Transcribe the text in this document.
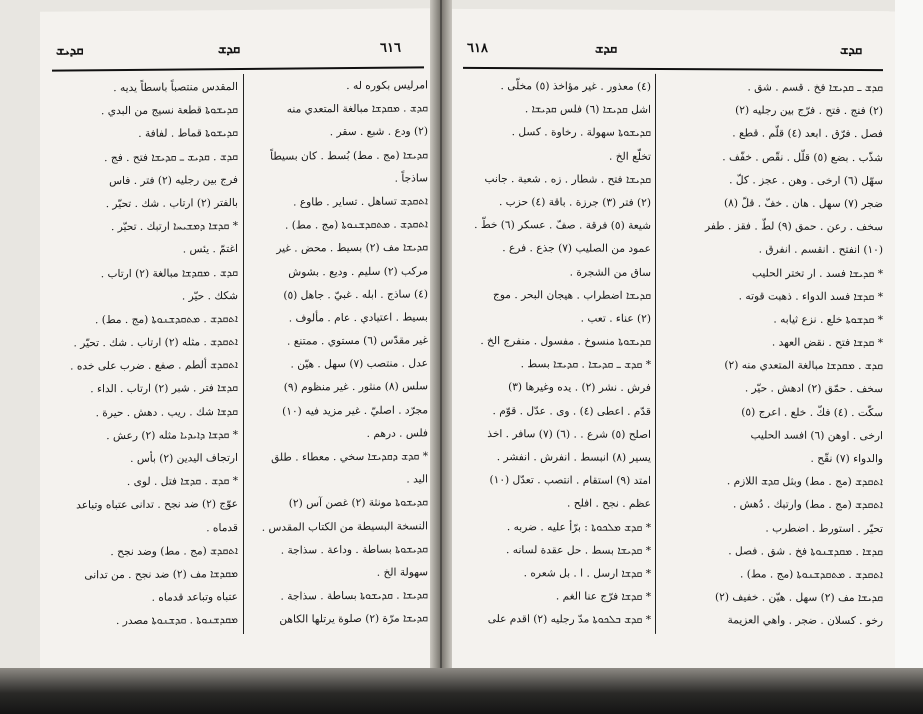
ܩܕܝܫ	ܩܕܫ	٦١٦
المقدس منتصباً باسطاً يديه .
ܩܕܝܫܘܬܐ قطعة نسيج من البدي .
ܩܕܝܫܘܬܐ قماط . لفافة .
ܩܕܫ . ܩܕܝܫ ـ ܩܕܝܫܐ فتح . فج .
فرج بين رجليه (٢) فتر . فاس
بالفتر (٢) ارتاب . شك . تحيّر .
* ܩܕܫܐ ܕܡܫܝܚܐ ارتبك . تحيّر .
اغتمّ . يئس .
ܩܕܫ . ܡܩܕܫܐ مبالغة (٢) ارتاب .
شكك . حيّر .
ܐܬܩܕܫ . ܡܬܩܕܫܢܘܬܐ (مج . مط) .
ܐܬܩܕܫ . مثله (٢) ارتاب . شك . تحيّر .
ܐܬܩܕܫ ألطم . صفع . ضرب على خده .
ܩܕܫܐ فتر . شبر (٢) ارتاب . الداء .
ܩܕܫܐ شك . ريب . دهش . حيرة .
* ܩܕܫܐ ܕܐܝܕܝܐ مثله (٢) رعش .
ارتجاف اليدين (٢) بأس .
* ܩܕܫ . ܩܕܫܐ فتل . لوى .
عوّج (٢) ضد نجح . تدانى عتباه وتباعد
قدماه .
ܐܬܩܕܫ (مج . مط) وضد نجح .
ܡܩܕܫܐ مف (٢) ضد نجح . من تدانى
عتباه وتباعد قدماه .
ܡܩܕܫܢܘܬܐ . ܩܕܫܢܘܬܐ مصدر .
امرليس بكوره له .
ܩܕܫ . ܡܩܕܫܐ مبالغة المتعدي منه
(٢) ودع . شبع . سقر .
ܩܕܝܫܐ (مج . مط) بُسط . كان بسيطاً
ساذجاً .
ܐܬܩܕܫ تساهل . تساير . طاوع .
ܐܬܩܕܫ . ܡܬܩܕܫܢܘܬܐ (مج . مط) .
ܩܕܝܫܐ مف (٢) بسيط . محض . غير
مركب (٢) سليم . وديع . بشوش
(٤) ساذج . ابله . غبيّ . جاهل (٥)
بسيط . اعتيادي . عام . مألوف .
غير مقدّس (٦) مستوي . ممتنع .
عدل . منتصب (٧) سهل . هيّن .
سلس (٨) منثور . غير منظوم (٩)
مجرّد . اصليّ . غير مزيد فيه (١٠)
فلس . درهم .
* ܩܕܫ ܕܩܕܝܫܐ سخي . معطاء . طلق
اليد .
ܩܕܝܫܘܬܐ مونثة (٢) غصن آس (٢)
النسخة البسيطة من الكتاب المقدس .
ܩܕܝܫܘܬܐ بساطة . وداعة . سذاجة .
سهولة الخ .
ܩܕܝܫܐ . ܩܕܝܫܘܬܐ بساطة . سذاجة .
ܩܕܝܫܐ مرّة (٢) صلوة يرتلها الكاهن
٦١٨	ܩܕܫ	ܩܕܫ
(٤) معذور . غير مؤاخذ (٥) مخلّى .
اشل ܩܕܝܫܐ (٦) فلس ܩܕܝܫܐ .
ܩܕܝܫܘܬܐ سهولة . رخاوة . كسل .
تخلّع الخ .
ܩܕܝܫܐ فتح . شطار . زه . شعبة . جانب
(٢) فتر (٣) جرزة . باقة (٤) حزب .
شيعة (٥) فرقة . صفّ . عسكر (٦) خطّ .
عمود من الصليب (٧) جذع . فرع .
ساق من الشجرة .
ܩܕܝܫܐ اضطراب . هيجان البحر . موج
(٢) عناء . تعب .
ܩܕܝܫܘܬܐ منسوخ . مفسول . منفرج الخ .
* ܩܕܫ ـ ܩܕܝܫܐ . ܩܕܝܫܐ بسط .
فرش . نشر (٢) . يده وغيرها (٣)
قدّم . اعطى (٤) . وى . عدّل . قوّم .
اصلح (٥) شرع . . (٦) (٧) سافر . اخذ
يسير (٨) انبسط . انفرش . انفشر .
امتد (٩) استقام . انتصب . تعدّل (١٠)
عظم . نجح . افلح .
* ܩܕܫ ܡܠܟܘܬܐ : برّأ عليه . ضربه .
* ܩܕܝܫܐ بسط . حل عقدة لسانه .
* ܩܕܫܐ ارسل . ا . بل شعره .
* ܩܕܫܐ فرّج عنا الغم .
* ܩܕܫ ܒܠܟܘܬܐ مدّ رجليه (٢) اقدم على
ܩܕܫ ـ ܩܕܝܫܐ فخ . قسم . شق .
(٢) فنج . فتح . فرّج بين رجليه (٢)
فصل . فرّق . ابعد (٤) قلّم . قطع .
شذّب . بضع (٥) قلّل . نقّص . خفّف .
سهّل (٦) ارخى . وهن . عجز . كلّ .
ضجر (٧) سهل . هان . خفّ . قلّ (٨)
سخف . رعن . حمق (٩) لطّ . فقز . طفر
(١٠) انفتح . انقسم . انفرق .
* ܩܕܝܫܐ فسد . ار تختر الحليب
* ܩܕܫܐ فسد الدواء . ذهبت قوته .
* ܩܕܫܘܬܐ خلع . نزع ثيابه .
* ܩܕܫܐ فتح . نقض العهد .
ܩܕܫ . ܡܩܕܫܐ مبالغة المتعدي منه (٢)
سخف . حمّق (٢) ادهش . حيّر .
سكّت . (٤) فكّ . خلع . اعرج (٥)
ارخى . اوهن (٦) افسد الحليب
والدواء (٧) نقّح .
ܐܬܩܕܫ (مج . مط) وبثل ܩܕܫ اللازم .
ܐܬܩܕܫ (مج . مط) وارتبك . دُهش .
تحيّر . استورط . اضطرب .
ܩܕܫܐ . ܡܩܕܫܢܘܬܐ فخ . شق . فصل .
ܐܬܩܕܫ . ܡܬܩܕܫܢܘܬܐ (مج . مط) .
ܩܕܝܫܐ مف (٢) سهل . هيّن . خفيف (٢)
رخو . كسلان . ضجر . واهي العزيمة
